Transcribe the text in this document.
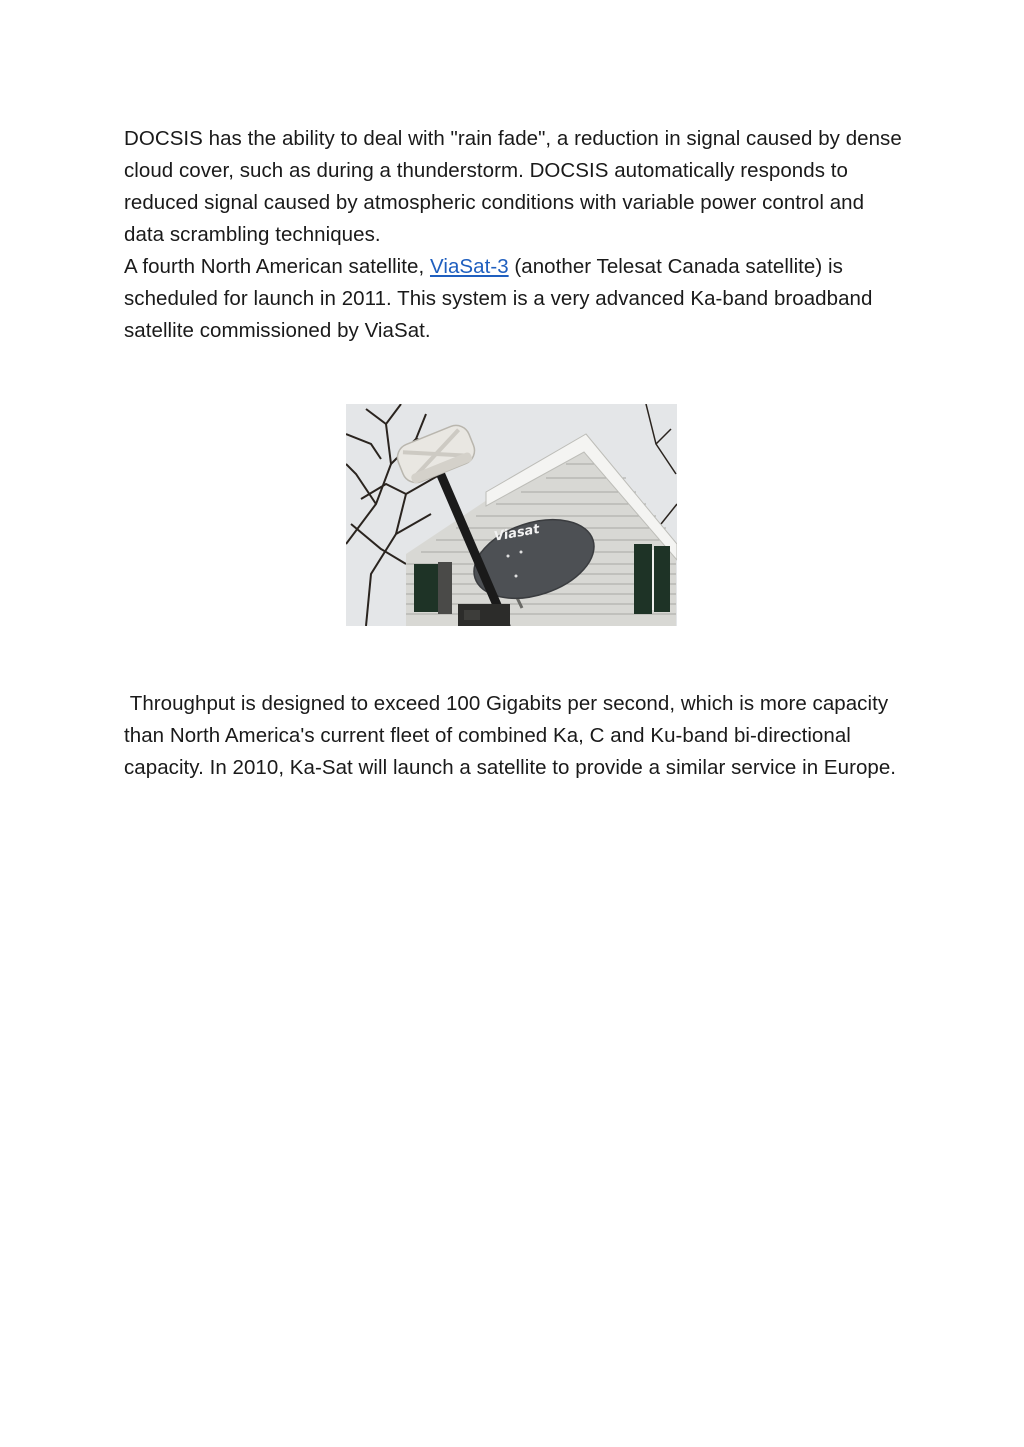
DOCSIS has the ability to deal with "rain fade", a reduction in signal caused by dense cloud cover, such as during a thunderstorm. DOCSIS automatically responds to reduced signal caused by atmospheric conditions with variable power control and data scrambling techniques.

A fourth North American satellite, ViaSat-3 (another Telesat Canada satellite) is scheduled for launch in 2011. This system is a very advanced Ka-band broadband satellite commissioned by ViaSat.

Viasat

Throughput is designed to exceed 100 Gigabits per second, which is more capacity than North America's current fleet of combined Ka, C and Ku-band bi-directional capacity. In 2010, Ka-Sat will launch a satellite to provide a similar service in Europe.
